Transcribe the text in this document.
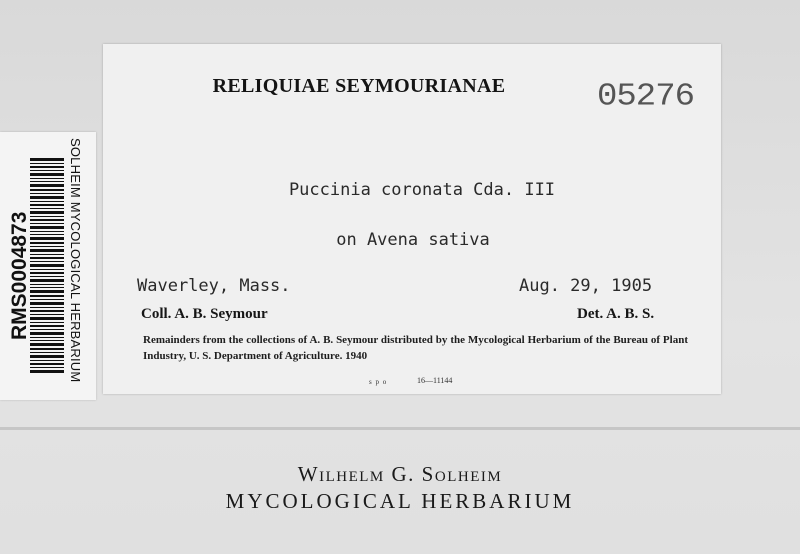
RELIQUIAE SEYMOURIANAE	05276
Puccinia coronata Cda. III
on Avena sativa
Waverley, Mass.	Aug. 29, 1905
Coll. A. B. Seymour	Det. A. B. S.
Remainders from the collections of A. B. Seymour distributed by the Mycological Herbarium of the Bureau of Plant Industry, U. S. Department of Agriculture. 1940
s p o	16—11144
SOLHEIM MYCOLOGICAL HERBARIUM
RMS0004873
Wilhelm G. Solheim
MYCOLOGICAL HERBARIUM
